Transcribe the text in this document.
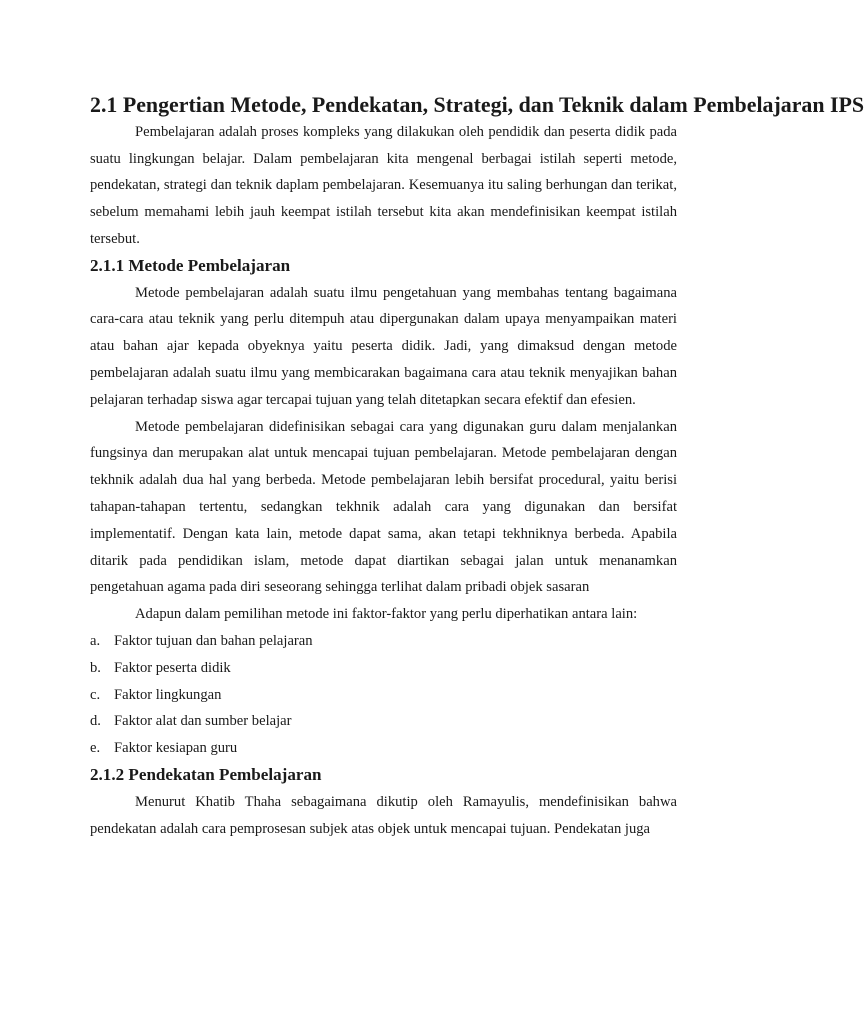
2.1 Pengertian Metode, Pendekatan, Strategi, dan Teknik dalam Pembelajaran IPS

Pembelajaran adalah proses kompleks yang dilakukan oleh pendidik dan peserta didik pada suatu lingkungan belajar. Dalam pembelajaran kita mengenal berbagai istilah seperti metode, pendekatan, strategi dan teknik daplam pembelajaran. Kesemuanya itu saling berhungan dan terikat, sebelum memahami lebih jauh keempat istilah tersebut kita akan mendefinisikan keempat istilah tersebut.

2.1.1 Metode Pembelajaran

Metode pembelajaran adalah suatu ilmu pengetahuan yang membahas tentang bagaimana cara-cara atau teknik yang perlu ditempuh atau dipergunakan dalam upaya menyampaikan materi atau bahan ajar kepada obyeknya yaitu peserta didik. Jadi, yang dimaksud dengan metode pembelajaran adalah suatu ilmu yang membicarakan bagaimana cara atau teknik menyajikan bahan pelajaran terhadap siswa agar tercapai tujuan yang telah ditetapkan secara efektif dan efesien.

Metode pembelajaran didefinisikan sebagai cara yang digunakan guru dalam menjalankan fungsinya dan merupakan alat untuk mencapai tujuan pembelajaran. Metode pembelajaran dengan tekhnik adalah dua hal yang berbeda. Metode pembelajaran lebih bersifat procedural, yaitu berisi tahapan-tahapan tertentu, sedangkan tekhnik adalah cara yang digunakan dan bersifat implementatif. Dengan kata lain, metode dapat sama, akan tetapi tekhniknya berbeda. Apabila ditarik pada pendidikan islam, metode dapat diartikan sebagai jalan untuk menanamkan pengetahuan agama pada diri seseorang sehingga terlihat dalam pribadi objek sasaran

Adapun dalam pemilihan metode ini faktor-faktor yang perlu diperhatikan antara lain:

a. Faktor tujuan dan bahan pelajaran
b. Faktor peserta didik
c. Faktor lingkungan
d. Faktor alat dan sumber belajar
e. Faktor kesiapan guru
2.1.2 Pendekatan Pembelajaran

Menurut Khatib Thaha sebagaimana dikutip oleh Ramayulis, mendefinisikan bahwa pendekatan adalah cara pemprosesan subjek atas objek untuk mencapai tujuan. Pendekatan juga
